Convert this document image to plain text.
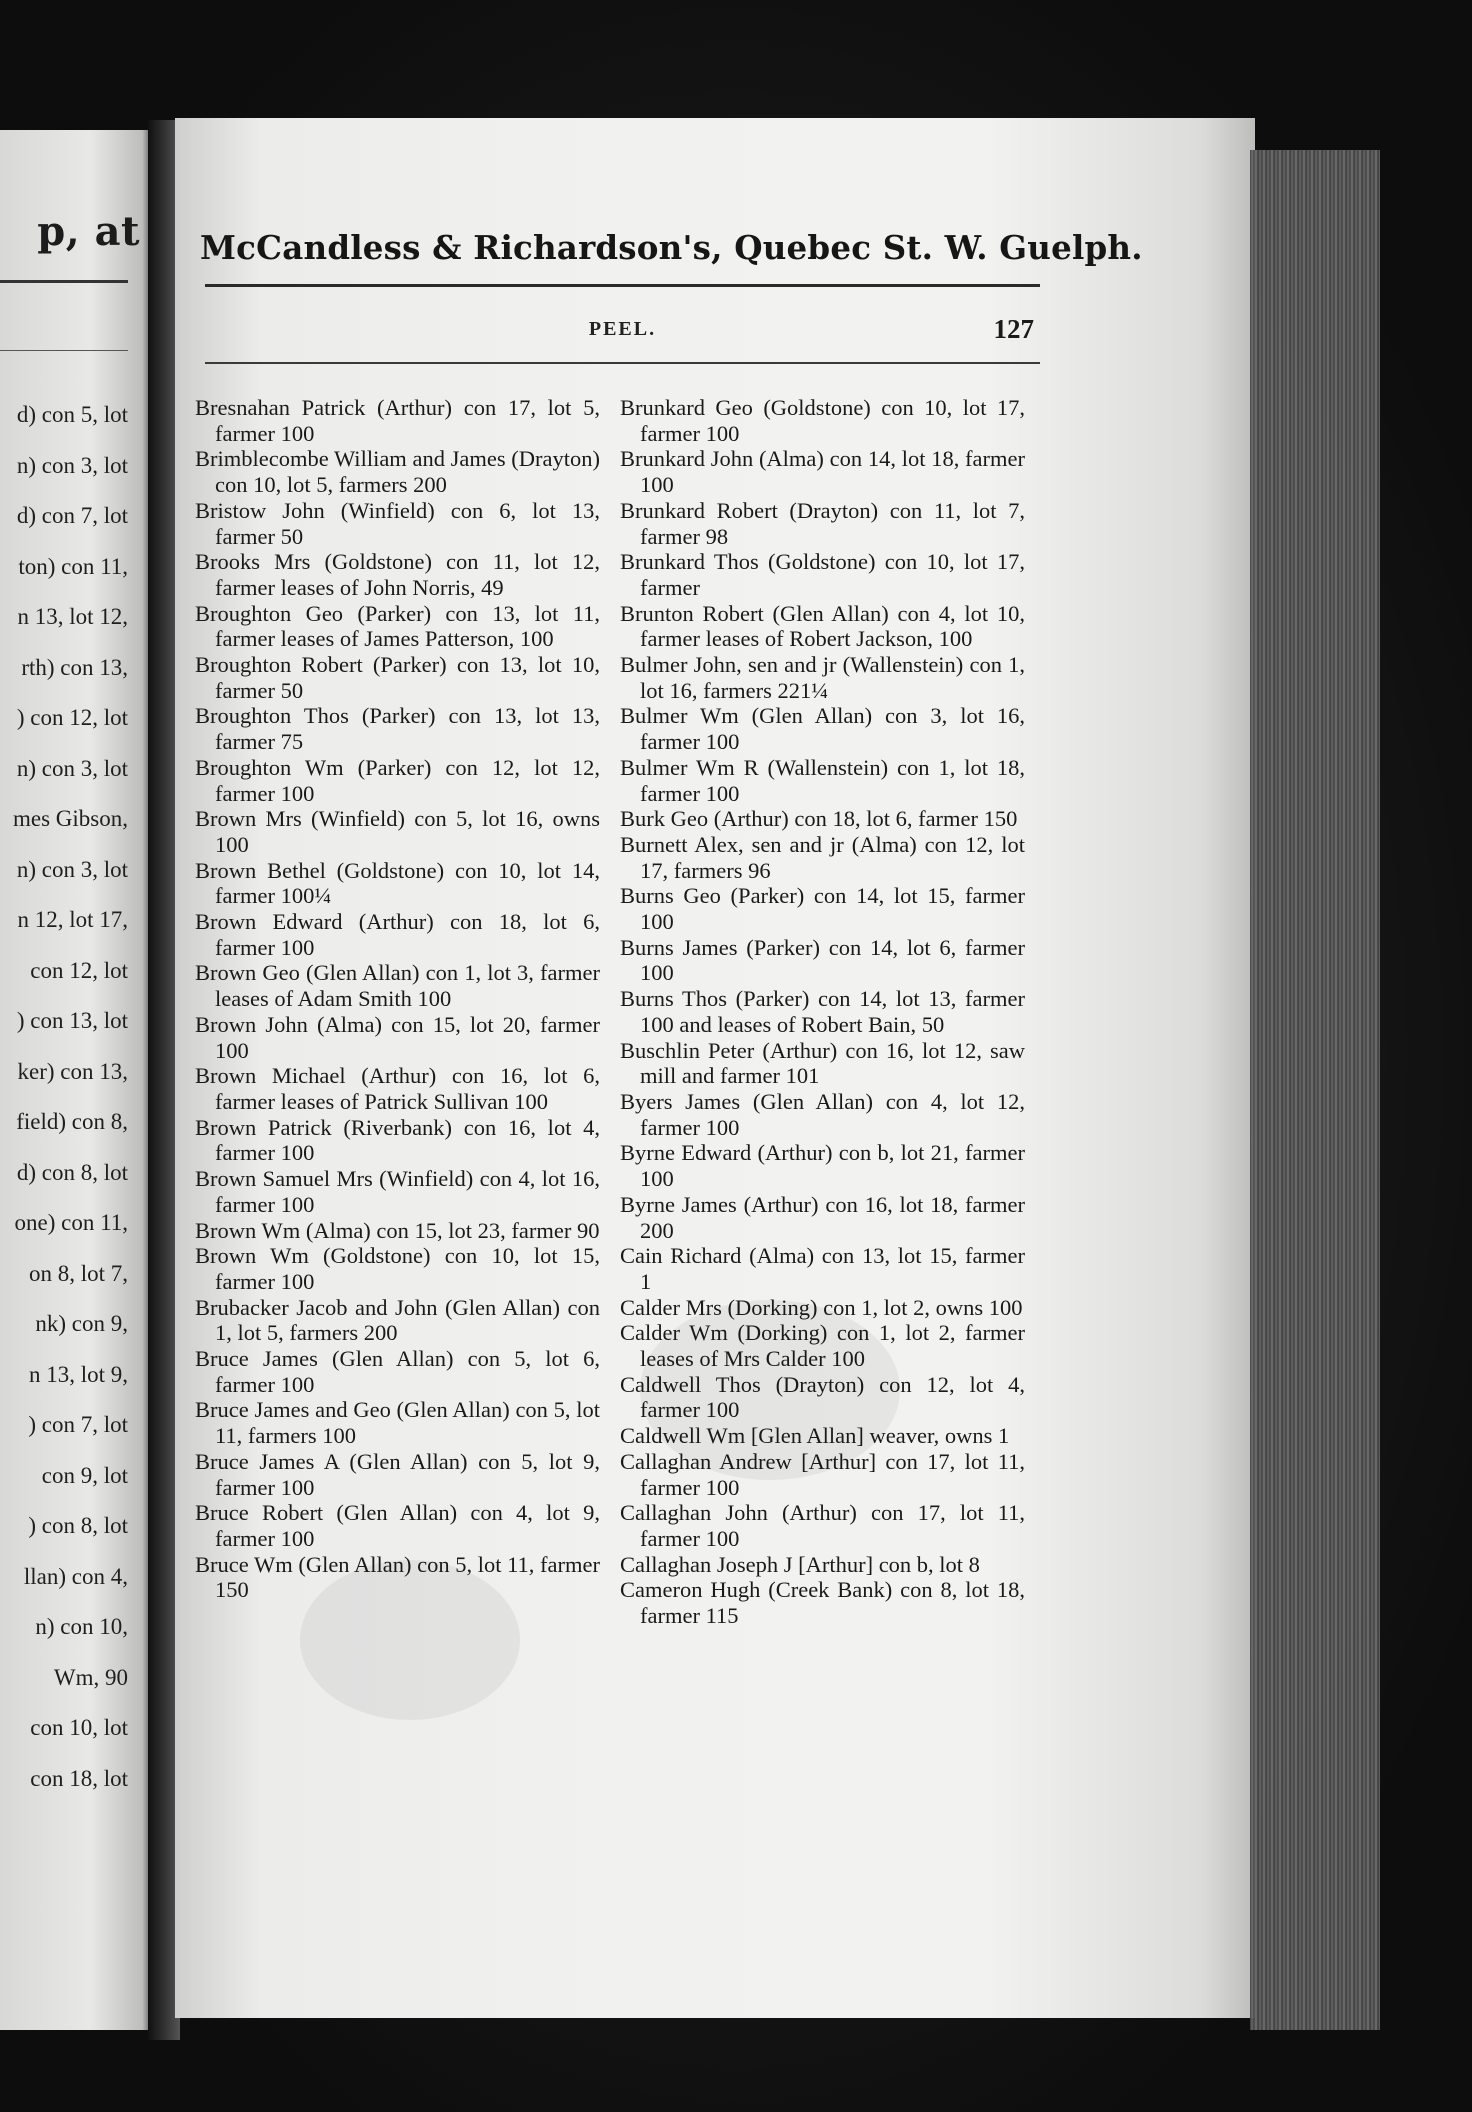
p, at
d) con 5, lot
n) con 3, lot
d) con 7, lot
ton) con 11,
n 13, lot 12,
rth) con 13,
) con 12, lot
n) con 3, lot
mes Gibson,
n) con 3, lot
n 12, lot 17,
con 12, lot
) con 13, lot
ker) con 13,
field) con 8,
d) con 8, lot
one) con 11,
on 8, lot 7,
nk) con 9,
n 13, lot 9,
) con 7, lot
con 9, lot
) con 8, lot
llan) con 4,
n) con 10,
Wm, 90
con 10, lot
con 18, lot
McCandless & Richardson's, Quebec St. W. Guelph.
PEEL.	127
Bresnahan Patrick (Arthur) con 17, lot 5, farmer 100
Brimblecombe William and James (Drayton) con 10, lot 5, farmers 200
Bristow John (Winfield) con 6, lot 13, farmer 50
Brooks Mrs (Goldstone) con 11, lot 12, farmer leases of John Norris, 49
Broughton Geo (Parker) con 13, lot 11, farmer leases of James Patterson, 100
Broughton Robert (Parker) con 13, lot 10, farmer 50
Broughton Thos (Parker) con 13, lot 13, farmer 75
Broughton Wm (Parker) con 12, lot 12, farmer 100
Brown Mrs (Winfield) con 5, lot 16, owns 100
Brown Bethel (Goldstone) con 10, lot 14, farmer 100¼
Brown Edward (Arthur) con 18, lot 6, farmer 100
Brown Geo (Glen Allan) con 1, lot 3, farmer leases of Adam Smith 100
Brown John (Alma) con 15, lot 20, farmer 100
Brown Michael (Arthur) con 16, lot 6, farmer leases of Patrick Sullivan 100
Brown Patrick (Riverbank) con 16, lot 4, farmer 100
Brown Samuel Mrs (Winfield) con 4, lot 16, farmer 100
Brown Wm (Alma) con 15, lot 23, farmer 90
Brown Wm (Goldstone) con 10, lot 15, farmer 100
Brubacker Jacob and John (Glen Allan) con 1, lot 5, farmers 200
Bruce James (Glen Allan) con 5, lot 6, farmer 100
Bruce James and Geo (Glen Allan) con 5, lot 11, farmers 100
Bruce James A (Glen Allan) con 5, lot 9, farmer 100
Bruce Robert (Glen Allan) con 4, lot 9, farmer 100
Bruce Wm (Glen Allan) con 5, lot 11, farmer 150
Brunkard Geo (Goldstone) con 10, lot 17, farmer 100
Brunkard John (Alma) con 14, lot 18, farmer 100
Brunkard Robert (Drayton) con 11, lot 7, farmer 98
Brunkard Thos (Goldstone) con 10, lot 17, farmer
Brunton Robert (Glen Allan) con 4, lot 10, farmer leases of Robert Jackson, 100
Bulmer John, sen and jr (Wallenstein) con 1, lot 16, farmers 221¼
Bulmer Wm (Glen Allan) con 3, lot 16, farmer 100
Bulmer Wm R (Wallenstein) con 1, lot 18, farmer 100
Burk Geo (Arthur) con 18, lot 6, farmer 150
Burnett Alex, sen and jr (Alma) con 12, lot 17, farmers 96
Burns Geo (Parker) con 14, lot 15, farmer 100
Burns James (Parker) con 14, lot 6, farmer 100
Burns Thos (Parker) con 14, lot 13, farmer 100 and leases of Robert Bain, 50
Buschlin Peter (Arthur) con 16, lot 12, saw mill and farmer 101
Byers James (Glen Allan) con 4, lot 12, farmer 100
Byrne Edward (Arthur) con b, lot 21, farmer 100
Byrne James (Arthur) con 16, lot 18, farmer 200
Cain Richard (Alma) con 13, lot 15, farmer 1
Calder Mrs (Dorking) con 1, lot 2, owns 100
Calder Wm (Dorking) con 1, lot 2, farmer leases of Mrs Calder 100
Caldwell Thos (Drayton) con 12, lot 4, farmer 100
Caldwell Wm [Glen Allan] weaver, owns 1
Callaghan Andrew [Arthur] con 17, lot 11, farmer 100
Callaghan John (Arthur) con 17, lot 11, farmer 100
Callaghan Joseph J [Arthur] con b, lot 8
Cameron Hugh (Creek Bank) con 8, lot 18, farmer 115
